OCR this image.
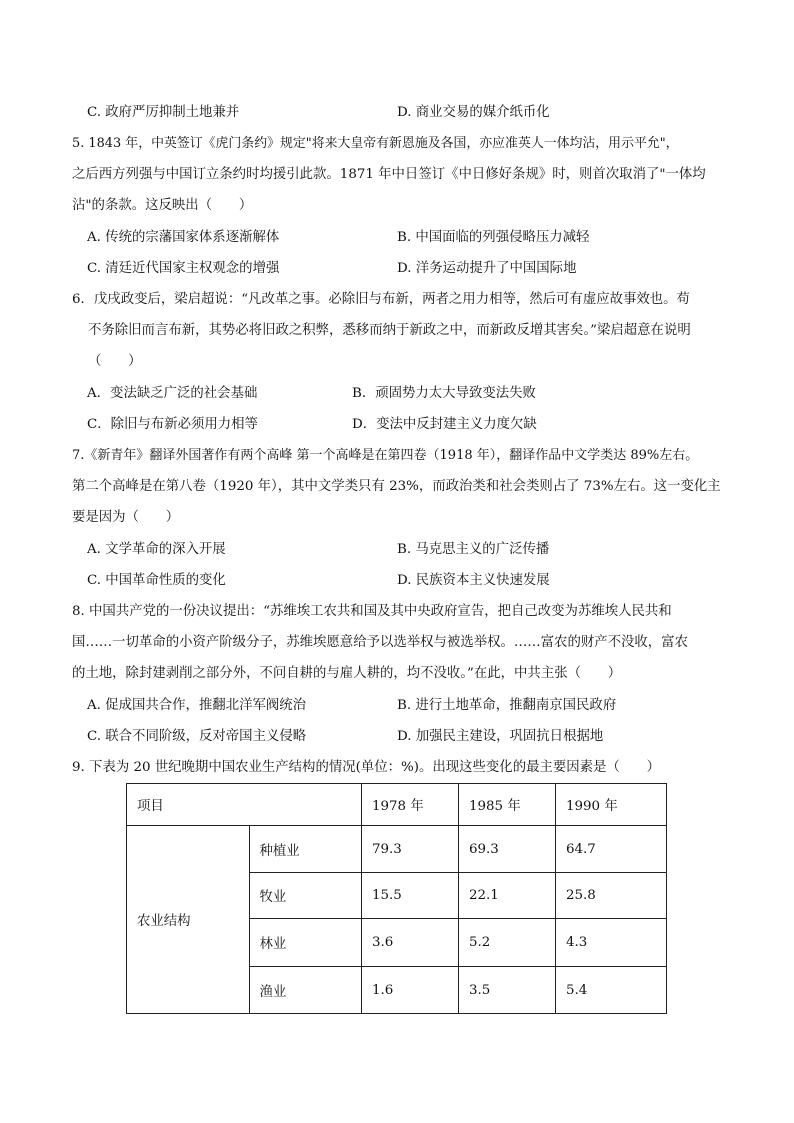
C. 政府严厉抑制土地兼并	D. 商业交易的媒介纸币化
5. 1843 年，中英签订《虎门条约》规定"将来大皇帝有新恩施及各国，亦应准英人一体均沾，用示平允"，
之后西方列强与中国订立条约时均援引此款。1871 年中日签订《中日修好条规》时，则首次取消了"一体均
沾"的条款。这反映出（　　）
A. 传统的宗藩国家体系逐渐解体	B. 中国面临的列强侵略压力减轻
C. 清廷近代国家主权观念的增强	D. 洋务运动提升了中国国际地
6．戊戌政变后，梁启超说：“凡改革之事。必除旧与布新，两者之用力相等，然后可有虚应故事效也。苟
不务除旧而言布新，其势必将旧政之积弊，悉移而纳于新政之中，而新政反增其害矣。”梁启超意在说明
（　　）
A．变法缺乏广泛的社会基础	B．顽固势力太大导致变法失败
C．除旧与布新必须用力相等	D．变法中反封建主义力度欠缺
7.《新青年》翻译外国著作有两个高峰 第一个高峰是在第四卷（1918 年），翻译作品中文学类达 89%左右。
第二个高峰是在第八卷（1920 年），其中文学类只有 23%，而政治类和社会类则占了 73%左右。这一变化主
要是因为（　　）
A. 文学革命的深入开展	B. 马克思主义的广泛传播
C. 中国革命性质的变化	D. 民族资本主义快速发展
8. 中国共产党的一份决议提出：“苏维埃工农共和国及其中央政府宣告，把自己改变为苏维埃人民共和
国……一切革命的小资产阶级分子，苏维埃愿意给予以选举权与被选举权。……富农的财产不没收，富农
的土地，除封建剥削之部分外，不问自耕的与雇人耕的，均不没收。”在此，中共主张（　　）
A. 促成国共合作，推翻北洋军阀统治	B. 进行土地革命，推翻南京国民政府
C. 联合不同阶级，反对帝国主义侵略	D. 加强民主建设，巩固抗日根据地
9. 下表为 20 世纪晚期中国农业生产结构的情况(单位：%)。出现这些变化的最主要因素是（　　）
项目		1978 年	1985 年	1990 年
农业结构	种植业	79.3	69.3	64.7
	牧业	15.5	22.1	25.8
	林业	3.6	5.2	4.3
	渔业	1.6	3.5	5.4
